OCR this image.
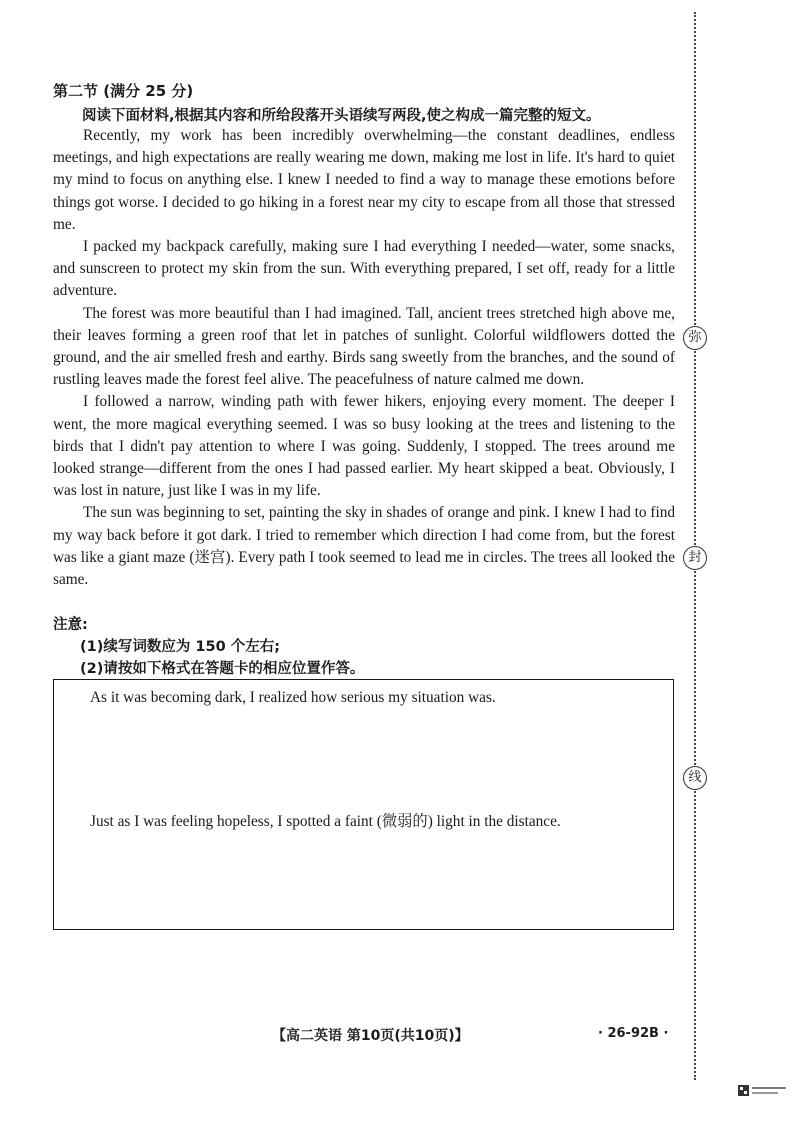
第二节 (满分 25 分)
阅读下面材料,根据其内容和所给段落开头语续写两段,使之构成一篇完整的短文。

Recently, my work has been incredibly overwhelming—the constant deadlines, endless meetings, and high expectations are really wearing me down, making me lost in life. It's hard to quiet my mind to focus on anything else. I knew I needed to find a way to manage these emotions before things got worse. I decided to go hiking in a forest near my city to escape from all those that stressed me.

I packed my backpack carefully, making sure I had everything I needed—water, some snacks, and sunscreen to protect my skin from the sun. With everything prepared, I set off, ready for a little adventure.

The forest was more beautiful than I had imagined. Tall, ancient trees stretched high above me, their leaves forming a green roof that let in patches of sunlight. Colorful wildflowers dotted the ground, and the air smelled fresh and earthy. Birds sang sweetly from the branches, and the sound of rustling leaves made the forest feel alive. The peacefulness of nature calmed me down.

I followed a narrow, winding path with fewer hikers, enjoying every moment. The deeper I went, the more magical everything seemed. I was so busy looking at the trees and listening to the birds that I didn't pay attention to where I was going. Suddenly, I stopped. The trees around me looked strange—different from the ones I had passed earlier. My heart skipped a beat. Obviously, I was lost in nature, just like I was in my life.

The sun was beginning to set, painting the sky in shades of orange and pink. I knew I had to find my way back before it got dark. I tried to remember which direction I had come from, but the forest was like a giant maze (迷宫). Every path I took seemed to lead me in circles. The trees all looked the same.

注意:
(1)续写词数应为 150 个左右;
(2)请按如下格式在答题卡的相应位置作答。
As it was becoming dark, I realized how serious my situation was.
Just as I was feeling hopeless, I spotted a faint (微弱的) light in the distance.
【高二英语 第10页(共10页)】	· 26-92B ·
弥
封
线
